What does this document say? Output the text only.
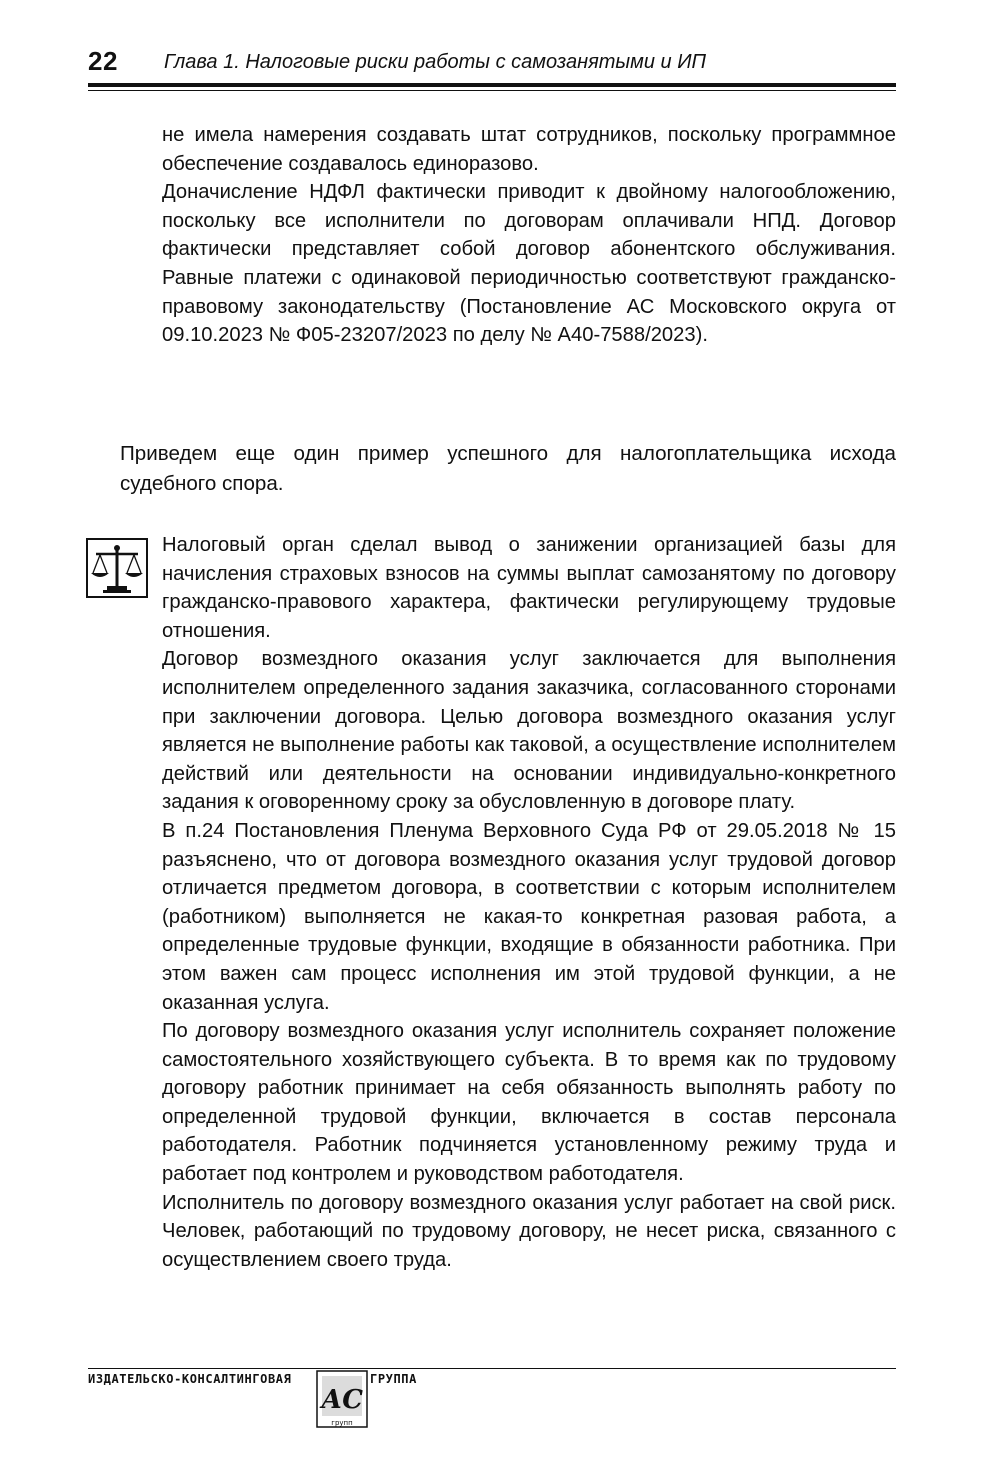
22 Глава 1. Налоговые риски работы с самозанятыми и ИП

не имела намерения создавать штат сотрудников, поскольку программное обеспечение создавалось единоразово.

Доначисление НДФЛ фактически приводит к двойному налогообложению, поскольку все исполнители по договорам оплачивали НПД. Договор фактически представляет собой договор абонентского обслуживания. Равные платежи с одинаковой периодичностью соответствуют гражданско-правовому законодательству (Постановление АС Московского округа от 09.10.2023 № Ф05-23207/2023 по делу № А40-7588/2023).

Приведем еще один пример успешного для налогоплательщика исхода судебного спора.

Налоговый орган сделал вывод о занижении организацией базы для начисления страховых взносов на суммы выплат самозанятому по договору гражданско-правового характера, фактически регулирующему трудовые отношения.

Договор возмездного оказания услуг заключается для выполнения исполнителем определенного задания заказчика, согласованного сторонами при заключении договора. Целью договора возмездного оказания услуг является не выполнение работы как таковой, а осуществление исполнителем действий или деятельности на основании индивидуально-конкретного задания к оговоренному сроку за обусловленную в договоре плату.

В п.24 Постановления Пленума Верховного Суда РФ от 29.05.2018 № 15 разъяснено, что от договора возмездного оказания услуг трудовой договор отличается предметом договора, в соответствии с которым исполнителем (работником) выполняется не какая-то конкретная разовая работа, а определенные трудовые функции, входящие в обязанности работника. При этом важен сам процесс исполнения им этой трудовой функции, а не оказанная услуга.

По договору возмездного оказания услуг исполнитель сохраняет положение самостоятельного хозяйствующего субъекта. В то время как по трудовому договору работник принимает на себя обязанность выполнять работу по определенной трудовой функции, включается в состав персонала работодателя. Работник подчиняется установленному режиму труда и работает под контролем и руководством работодателя.

Исполнитель по договору возмездного оказания услуг работает на свой риск. Человек, работающий по трудовому договору, не несет риска, связанного с осуществлением своего труда.

ИЗДАТЕЛЬСКО-КОНСАЛТИНГОВАЯ
АС
групп
ГРУППА
